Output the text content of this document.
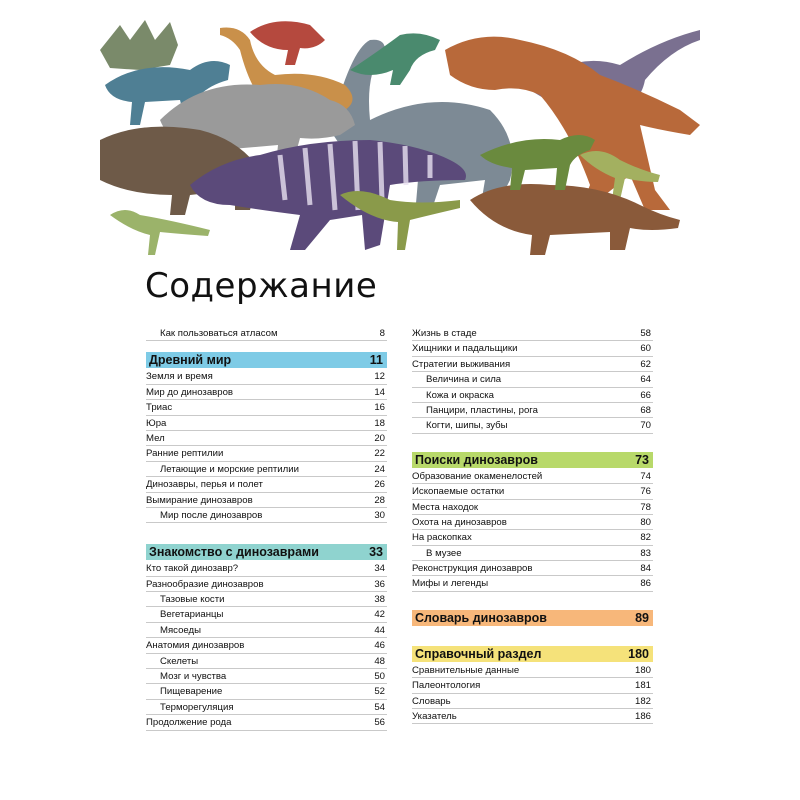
Содержание
Как пользоваться атласом	8
Древний мир	11
Земля и время	12
Мир до динозавров	14
Триас	16
Юра	18
Мел	20
Ранние рептилии	22
Летающие и морские рептилии	24
Динозавры, перья и полет	26
Вымирание динозавров	28
Мир после динозавров	30
Знакомство с динозаврами	33
Кто такой динозавр?	34
Разнообразие динозавров	36
Тазовые кости	38
Вегетарианцы	42
Мясоеды	44
Анатомия динозавров	46
Скелеты	48
Мозг и чувства	50
Пищеварение	52
Терморегуляция	54
Продолжение рода	56
Жизнь в стаде	58
Хищники и падальщики	60
Стратегии выживания	62
Величина и сила	64
Кожа и окраска	66
Панцири, пластины, рога	68
Когти, шипы, зубы	70
Поиски динозавров	73
Образование окаменелостей	74
Ископаемые остатки	76
Места находок	78
Охота на динозавров	80
На раскопках	82
В музее	83
Реконструкция динозавров	84
Мифы и легенды	86
Словарь динозавров	89
Справочный раздел	180
Сравнительные данные	180
Палеонтология	181
Словарь	182
Указатель	186
